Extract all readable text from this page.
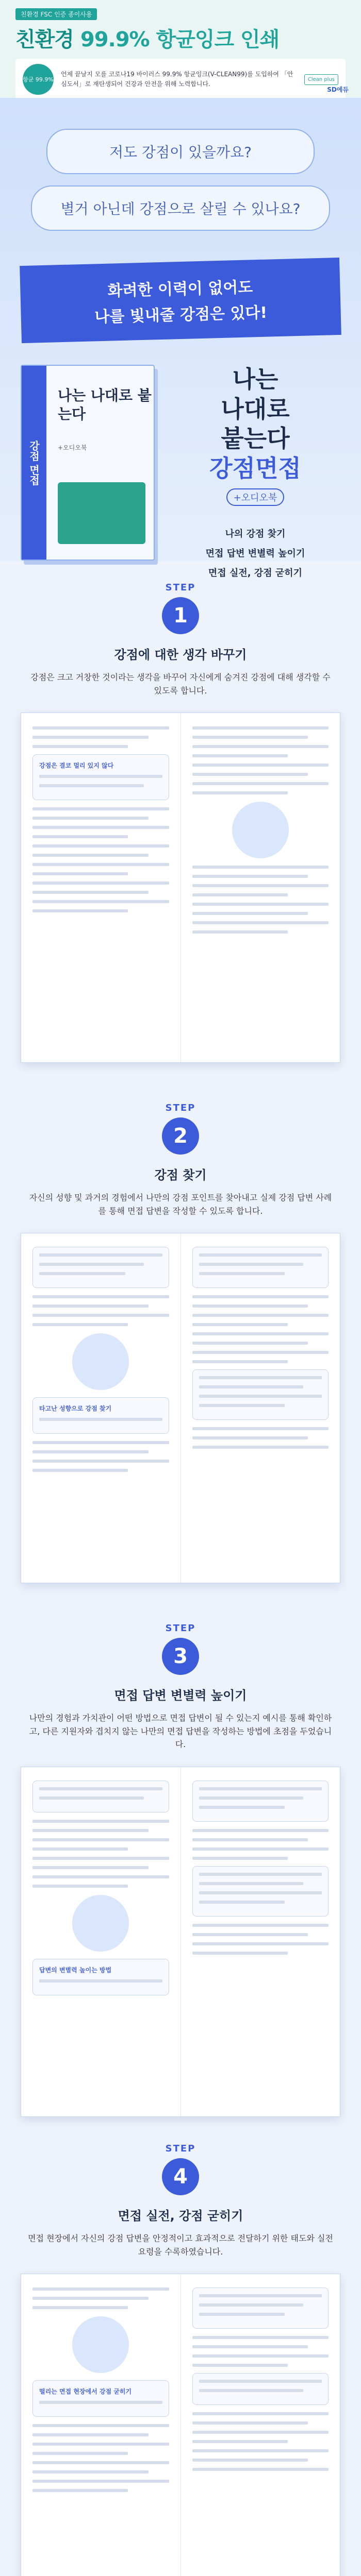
친환경 FSC 인증 종이사용
친환경 99.9% 항균잉크 인쇄
항균 99.9%
언제 끝날지 모를 코로나19 바이러스 99.9% 항균잉크(V-CLEAN99)를 도입하여 「안심도서」로 재탄생되어 건강과 안전을 위해 노력합니다.
Clean plus
SD에듀
저도 강점이 있을까요?
별거 아닌데 강점으로 살릴 수 있나요?
화려한 이력이 없어도
나를 빛내줄 강점은 있다!
강점 면접
나는 나대로 붙는다
+오디오북
나는
나대로
붙는다
강점면접
+오디오북
나의 강점 찾기
면접 답변 변별력 높이기
면접 실전, 강점 굳히기
STEP
1
강점에 대한 생각 바꾸기
강점은 크고 거창한 것이라는 생각을 바꾸어 자신에게 숨겨진 강점에 대해 생각할 수 있도록 합니다.
강점은 결코 멀리 있지 않다
STEP
2
강점 찾기
자신의 성향 및 과거의 경험에서 나만의 강점 포인트를 찾아내고 실제 강점 답변 사례를 통해 면접 답변을 작성할 수 있도록 합니다.
타고난 성향으로 강점 찾기
STEP
3
면접 답변 변별력 높이기
나만의 경험과 가치관이 어떤 방법으로 면접 답변이 될 수 있는지 예시를 통해 확인하고, 다른 지원자와 겹치지 않는 나만의 면접 답변을 작성하는 방법에 초점을 두었습니다.
답변의 변별력 높이는 방법
STEP
4
면접 실전, 강점 굳히기
면접 현장에서 자신의 강점 답변을 안정적이고 효과적으로 전달하기 위한 태도와 실전 요령을 수록하였습니다.
떨리는 면접 현장에서 강점 굳히기
